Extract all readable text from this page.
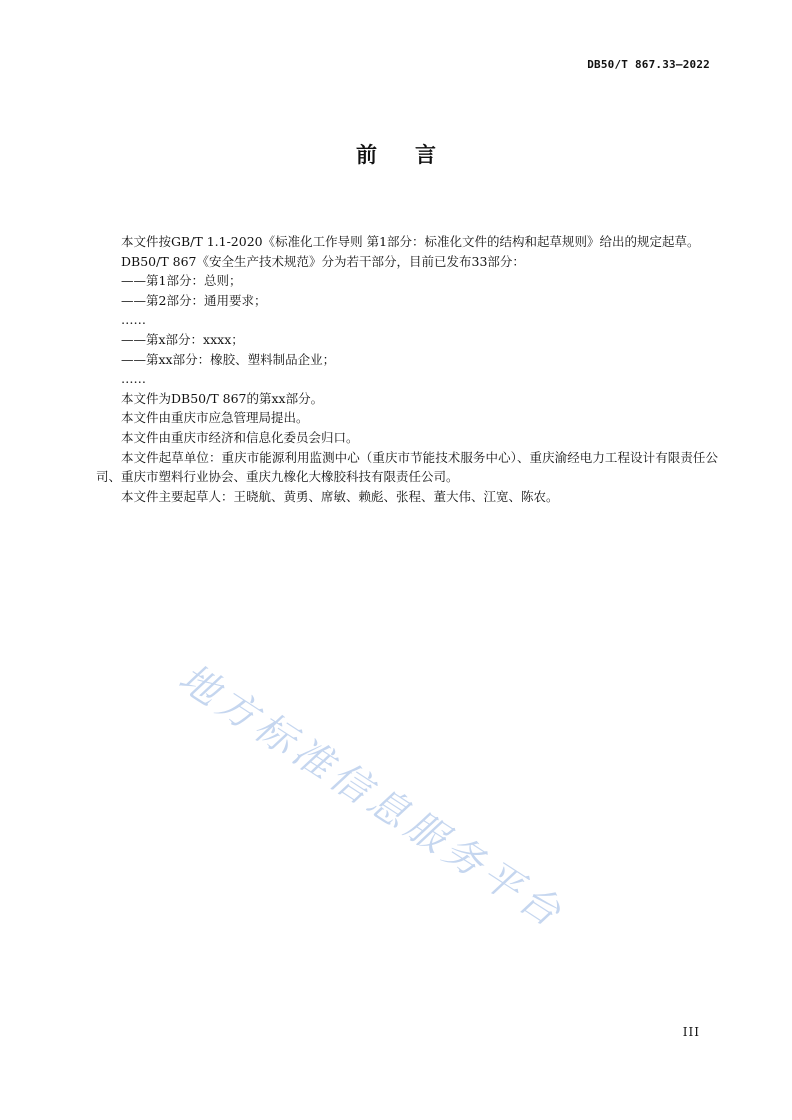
DB50/T 867.33—2022
前言

本文件按GB/T 1.1-2020《标准化工作导则 第1部分：标准化文件的结构和起草规则》给出的规定起草。

DB50/T 867《安全生产技术规范》分为若干部分，目前已发布33部分：

——第1部分：总则；

——第2部分：通用要求；

……

——第x部分：xxxx；

——第xx部分：橡胶、塑料制品企业；

……

本文件为DB50/T 867的第xx部分。

本文件由重庆市应急管理局提出。

本文件由重庆市经济和信息化委员会归口。

本文件起草单位：重庆市能源利用监测中心（重庆市节能技术服务中心）、重庆渝经电力工程设计有限责任公司、重庆市塑料行业协会、重庆九橡化大橡胶科技有限责任公司。

本文件主要起草人：王晓航、黄勇、席敏、赖彪、张程、董大伟、江宽、陈农。

地方标准信息服务平台
III
